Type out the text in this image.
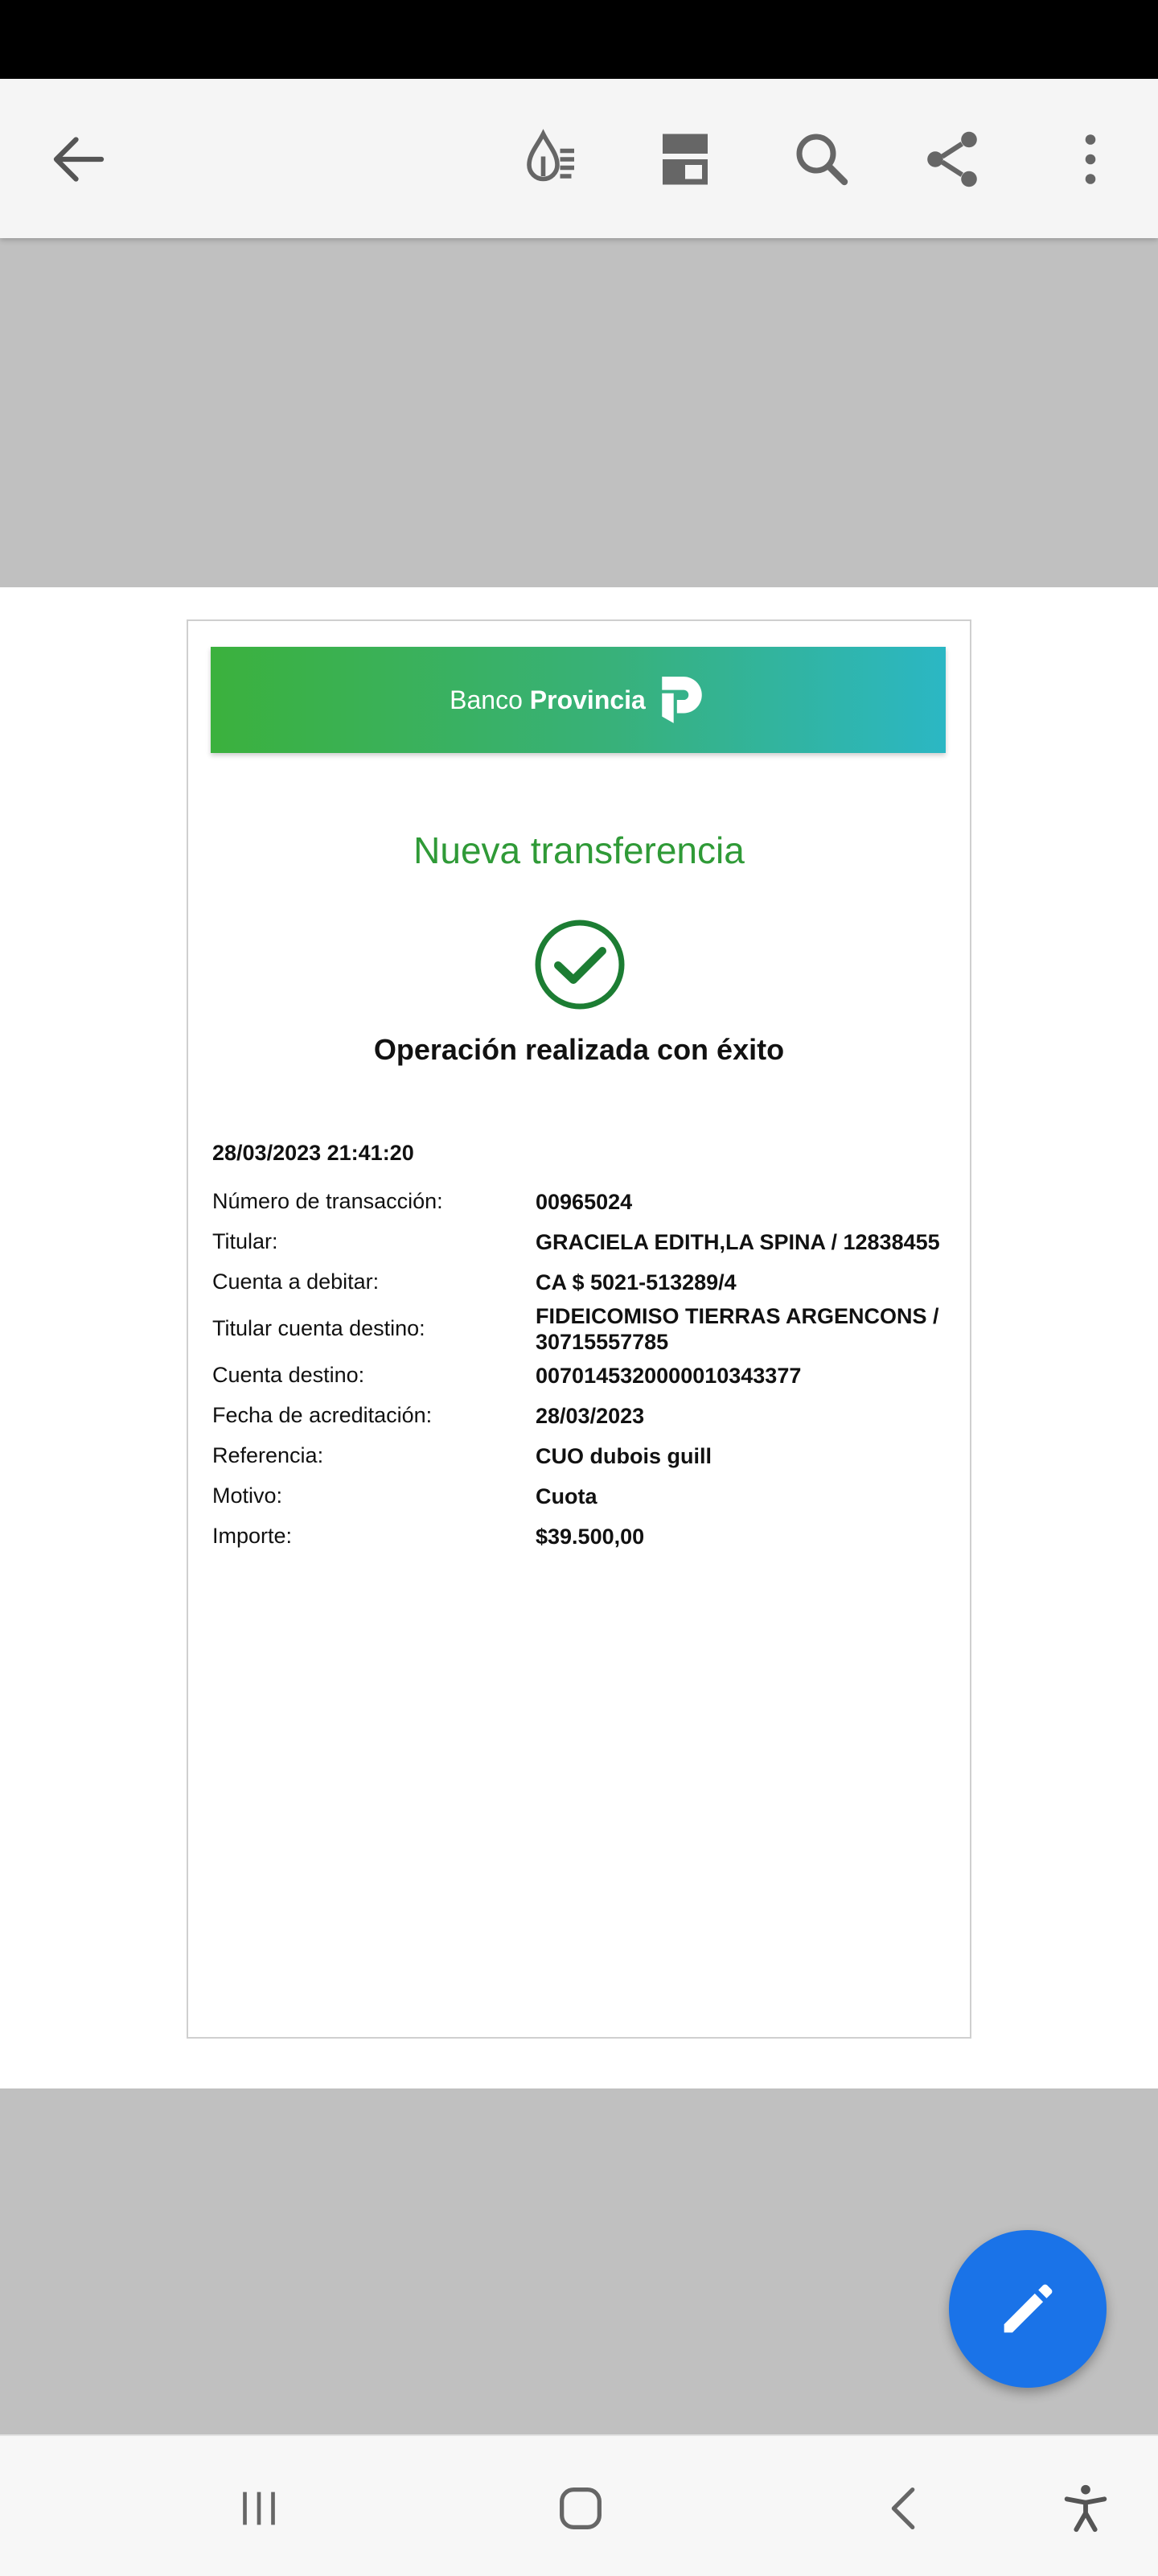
Banco Provincia
Nueva transferencia
Operación realizada con éxito
28/03/2023 21:41:20
Número de transacción:	00965024
Titular:	GRACIELA EDITH,LA SPINA / 12838455
Cuenta a debitar:	CA $ 5021-513289/4
Titular cuenta destino:	FIDEICOMISO TIERRAS ARGENCONS / 30715557785
Cuenta destino:	0070145320000010343377
Fecha de acreditación:	28/03/2023
Referencia:	CUO dubois guill
Motivo:	Cuota
Importe:	$39.500,00
